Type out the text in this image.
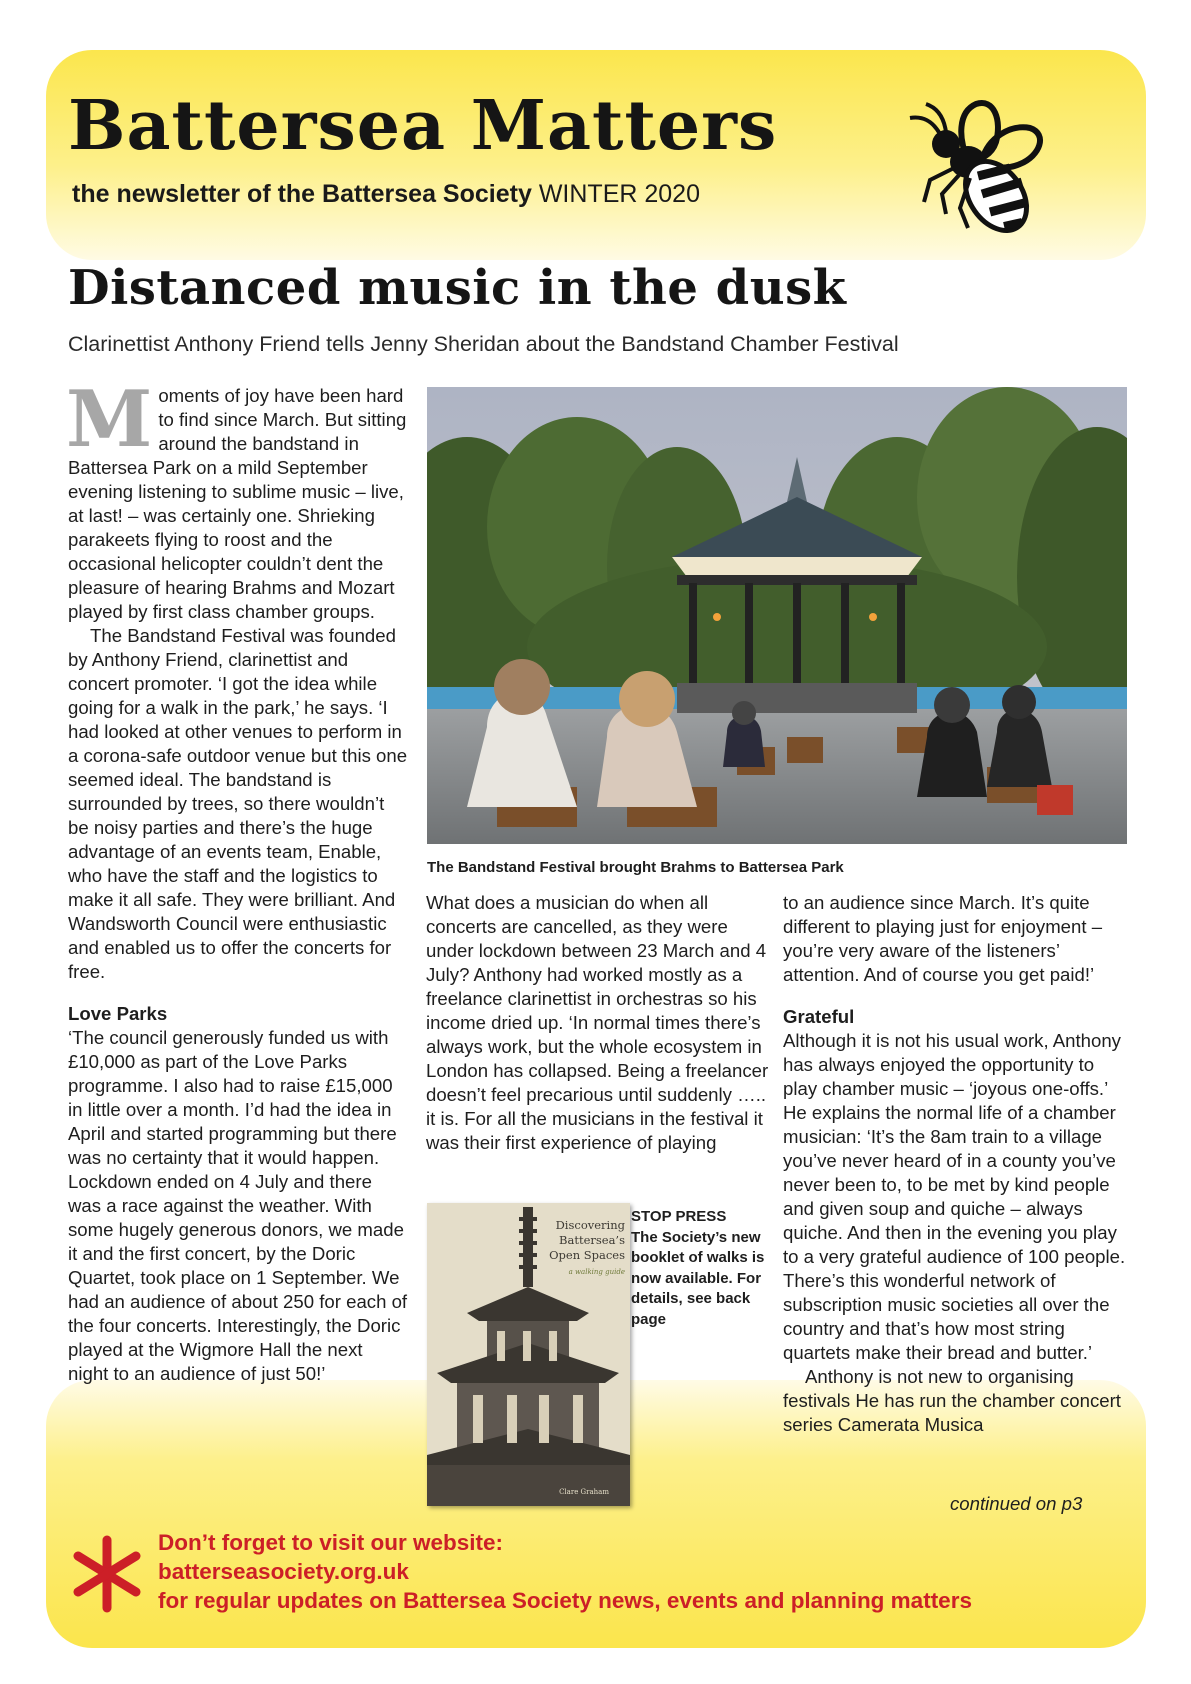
Battersea Matters
the newsletter of the Battersea Society WINTER 2020
Distanced music in the dusk
Clarinettist Anthony Friend tells Jenny Sheridan about the Bandstand Chamber Festival

Moments of joy have been hard to find since March. But sitting around the bandstand in Battersea Park on a mild September evening listening to sublime music – live, at last! – was certainly one. Shrieking parakeets flying to roost and the occasional helicopter couldn’t dent the pleasure of hearing Brahms and Mozart played by first class chamber groups.

The Bandstand Festival was founded by Anthony Friend, clarinettist and concert promoter. ‘I got the idea while going for a walk in the park,’ he says. ‘I had looked at other venues to perform in a corona-safe outdoor venue but this one seemed ideal. The bandstand is surrounded by trees, so there wouldn’t be noisy parties and there’s the huge advantage of an events team, Enable, who have the staff and the logistics to make it all safe. They were brilliant. And Wandsworth Council were enthusiastic and enabled us to offer the concerts for free.

Love Parks

‘The council generously funded us with £10,000 as part of the Love Parks programme. I also had to raise £15,000 in little over a month. I’d had the idea in April and started programming but there was no certainty that it would happen. Lockdown ended on 4 July and there was a race against the weather. With some hugely generous donors, we made it and the first concert, by the Doric Quartet, took place on 1 September. We had an audience of about 250 for each of the four concerts. Interestingly, the Doric played at the Wigmore Hall the next night to an audience of just 50!’

The Bandstand Festival brought Brahms to Battersea Park

What does a musician do when all concerts are cancelled, as they were under lockdown between 23 March and 4 July? Anthony had worked mostly as a freelance clarinettist in orchestras so his income dried up. ‘In normal times there’s always work, but the whole ecosystem in London has collapsed. Being a freelancer doesn’t feel precarious until suddenly ….. it is. For all the musicians in the festival it was their first experience of playing

to an audience since March. It’s quite different to playing just for enjoyment – you’re very aware of the listeners’ attention. And of course you get paid!’

Grateful

Although it is not his usual work, Anthony has always enjoyed the opportunity to play chamber music – ‘joyous one-offs.’ He explains the normal life of a chamber musician: ‘It’s the 8am train to a village you’ve never heard of in a county you’ve never been to, to be met by kind people and given soup and quiche – always quiche. And then in the evening you play to a very grateful audience of 100 people. There’s this wonderful network of subscription music societies all over the country and that’s how most string quartets make their bread and butter.’

Anthony is not new to organising festivals He has run the chamber concert series Camerata Musica

continued on p3
Discovering
Battersea’s
Open Spaces
a walking guide
Clare Graham
STOP PRESS
The Society’s new booklet of walks is now available. For details, see back page
Don’t forget to visit our website:
batterseasociety.org.uk
for regular updates on Battersea Society news, events and planning matters
